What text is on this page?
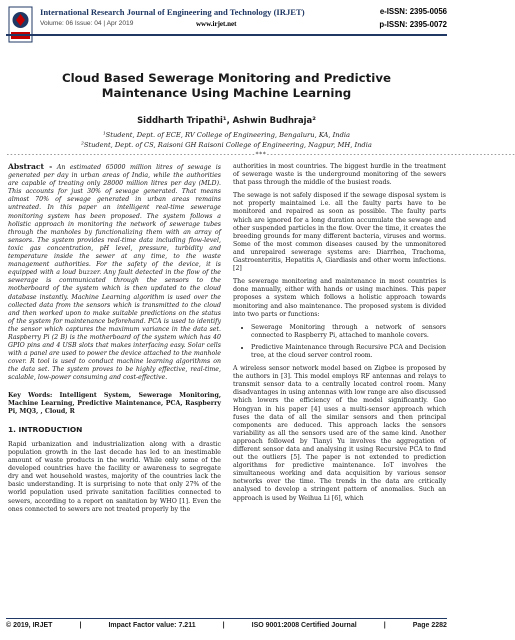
International Research Journal of Engineering and Technology (IRJET)	e-ISSN: 2395-0056
Volume: 06 Issue: 04 | Apr 2019	www.irjet.net	p-ISSN: 2395-0072
Cloud Based Sewerage Monitoring and Predictive Maintenance Using Machine Learning
Siddharth Tripathi¹, Ashwin Budhraja²
¹Student, Dept. of ECE, RV College of Engineering, Bengaluru, KA, India
²Student, Dept. of CS, Raisoni GH Raisoni College of Engineering, Nagpur, MH, India
---------------------------------------------------------------------***---------------------------------------------------------------------

Abstract - An estimated 65000 million litres of sewage is generated per day in urban areas of India, while the authorities are capable of treating only 28000 million litres per day (MLD). This accounts for just 30% of sewage generated. That means almost 70% of sewage generated in urban areas remains untreated. In this paper an intelligent real-time sewerage monitoring system has been proposed. The system follows a holistic approach in monitoring the network of sewerage tubes through the manholes by functionalizing them with an array of sensors. The system provides real-time data including flow-level, toxic gas concentration, pH level, pressure, turbidity and temperature inside the sewer at any time, to the waste management authorities. For the safety of the device, it is equipped with a loud buzzer. Any fault detected in the flow of the sewerage is communicated through the sensors to the motherboard of the system which is then updated to the cloud database instantly. Machine Learning algorithm is used over the collected data from the sensors which is transmitted to the cloud and then worked upon to make suitable predictions on the status of the system for maintenance beforehand. PCA is used to identify the sensor which captures the maximum variance in the data set. Raspberry Pi (2 B) is the motherboard of the system which has 40 GPIO pins and 4 USB slots that makes interfacing easy. Solar cells with a panel are used to power the device attached to the manhole cover. R tool is used to conduct machine learning algorithms on the data set. The system proves to be highly effective, real-time, scalable, low-power consuming and cost-effective.

Key Words: Intelligent System, Sewerage Monitoring, Machine Learning, Predictive Maintenance, PCA, Raspberry Pi, MQ3, , Cloud, R

1. INTRODUCTION

Rapid urbanization and industrialization along with a drastic population growth in the last decade has led to an inestimable amount of waste products in the world. While only some of the developed countries have the facility or awareness to segregate dry and wet household wastes, majority of the countries lack the basic understanding. It is surprising to note that only 27% of the world population used private sanitation facilities connected to sewers, according to a report on sanitation by WHO [1]. Even the ones connected to sewers are not treated properly by the

authorities in most countries. The biggest hurdle in the treatment of sewerage waste is the underground monitoring of the sewers that pass through the middle of the busiest roads.

The sewage is not safely disposed if the sewage disposal system is not properly maintained i.e. all the faulty parts have to be monitored and repaired as soon as possible. The faulty parts which are ignored for a long duration accumulate the sewage and other suspended particles in the flow. Over the time, it creates the breeding grounds for many different bacteria, viruses and worms. Some of the most common diseases caused by the unmonitored and unrepaired sewerage systems are: Diarrhea, Trachoma, Gastroenteritis, Hepatitis A, Giardiasis and other worm infections.[2]

The sewerage monitoring and maintenance in most countries is done manually, either with hands or using machines. This paper proposes a system which follows a holistic approach towards monitoring and also maintenance. The proposed system is divided into two parts or functions:

• Sewerage Monitoring through a network of sensors connected to Raspberry Pi, attached to manhole covers.
• Predictive Maintenance through Recursive PCA and Decision tree, at the cloud server control room.

A wireless sensor network model based on Zigbee is proposed by the authors in [3]. This model employs RF antennas and relays to transmit sensor data to a centrally located control room. Many disadvantages in using antennas with low range are also discussed which lowers the efficiency of the model significantly. Gao Hongyan in his paper [4] uses a multi-sensor approach which fuses the data of all the similar sensors and then principal components are deduced. This approach lacks the sensors variability as all the sensors used are of the same kind. Another approach followed by Tianyi Yu involves the aggregation of different sensor data and analysing it using Recursive PCA to find out the outliers [5]. The paper is not extended to prediction algorithms for predictive maintenance. IoT involves the simultaneous working and data acquisition by various sensor networks over the time. The trends in the data are critically analysed to develop a stringent pattern of anomalies. Such an approach is used by Weihua Li [6], which

© 2019, IRJET	|	Impact Factor value: 7.211	|	ISO 9001:2008 Certified Journal	|	Page 2282
